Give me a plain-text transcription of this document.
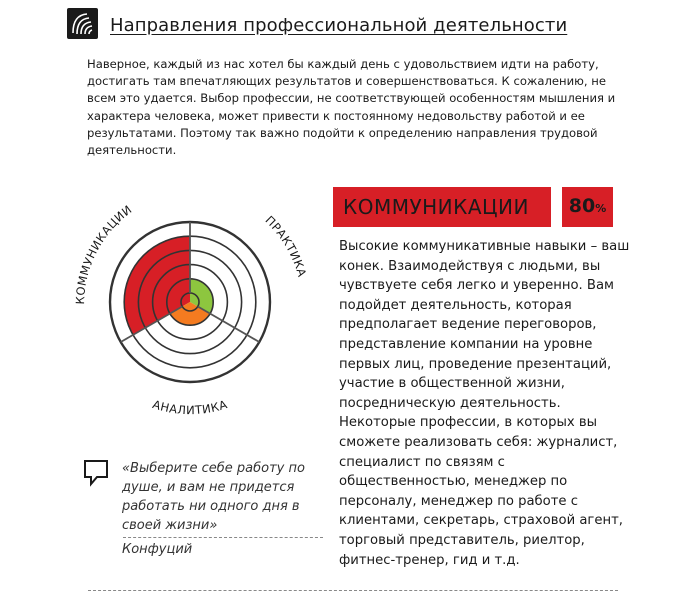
Направления профессиональной деятельности

Наверное, каждый из нас хотел бы каждый день с удовольствием идти на работу, достигать там впечатляющих результатов и совершенствоваться. К сожалению, не всем это удается. Выбор профессии, не соответствующей особенностям мышления и характера человека, может привести к постоянному недовольству работой и ее результатами. Поэтому так важно подойти к определению направления трудовой деятельности.

КОММУНИКАЦИИ
ПРАКТИКА
АНАЛИТИКА
КОММУНИКАЦИИ	80%

Высокие коммуникативные навыки – ваш конек. Взаимодействуя с людьми, вы чувствуете себя легко и уверенно. Вам подойдет деятельность, которая предполагает ведение переговоров, представление компании на уровне первых лиц, проведение презентаций, участие в общественной жизни, посредническую деятельность. Некоторые профессии, в которых вы сможете реализовать себя: журналист, специалист по связям с общественностью, менеджер по персоналу, менеджер по работе с клиентами, секретарь, страховой агент, торговый представитель, риелтор, фитнес-тренер, гид и т.д.

«Выберите себе работу по душе, и вам не придется работать ни одного дня в своей жизни»

Конфуций
